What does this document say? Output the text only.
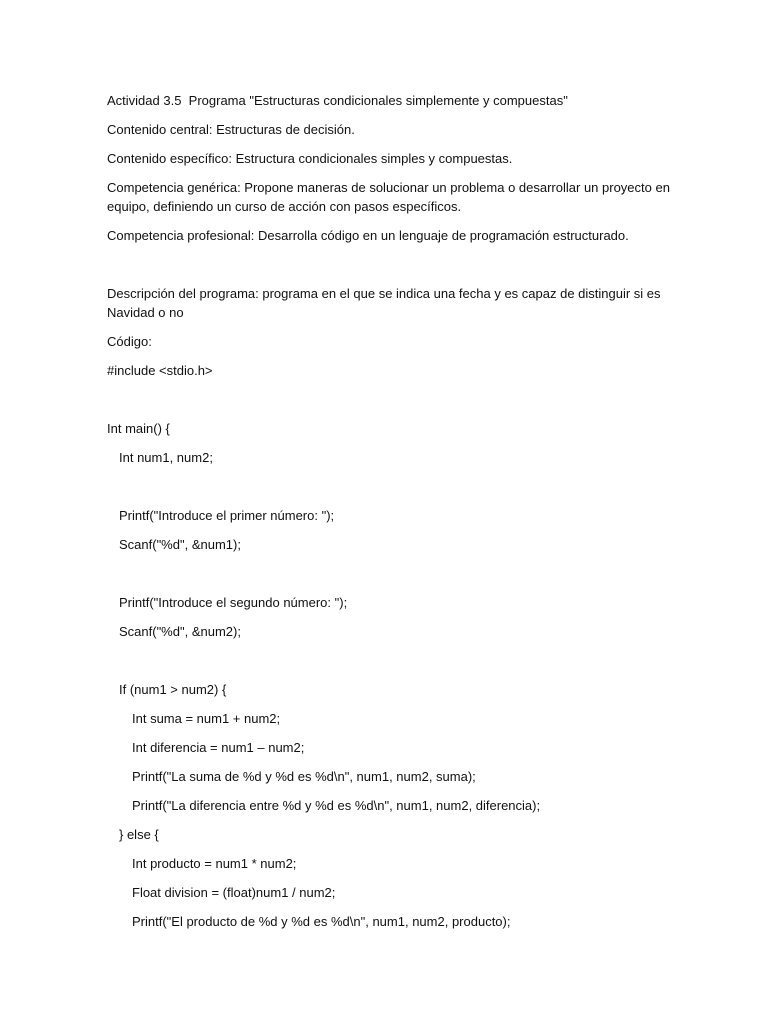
Actividad 3.5  Programa "Estructuras condicionales simplemente y compuestas"
Contenido central: Estructuras de decisión.
Contenido específico: Estructura condicionales simples y compuestas.
Competencia genérica: Propone maneras de solucionar un problema o desarrollar un proyecto en equipo, definiendo un curso de acción con pasos específicos.
Competencia profesional: Desarrolla código en un lenguaje de programación estructurado.
Descripción del programa: programa en el que se indica una fecha y es capaz de distinguir si es Navidad o no
Código:
#include <stdio.h>
Int main() {
Int num1, num2;
Printf("Introduce el primer número: ");
Scanf("%d", &num1);
Printf("Introduce el segundo número: ");
Scanf("%d", &num2);
If (num1 > num2) {
Int suma = num1 + num2;
Int diferencia = num1 – num2;
Printf("La suma de %d y %d es %d\n", num1, num2, suma);
Printf("La diferencia entre %d y %d es %d\n", num1, num2, diferencia);
} else {
Int producto = num1 * num2;
Float division = (float)num1 / num2;
Printf("El producto de %d y %d es %d\n", num1, num2, producto);
